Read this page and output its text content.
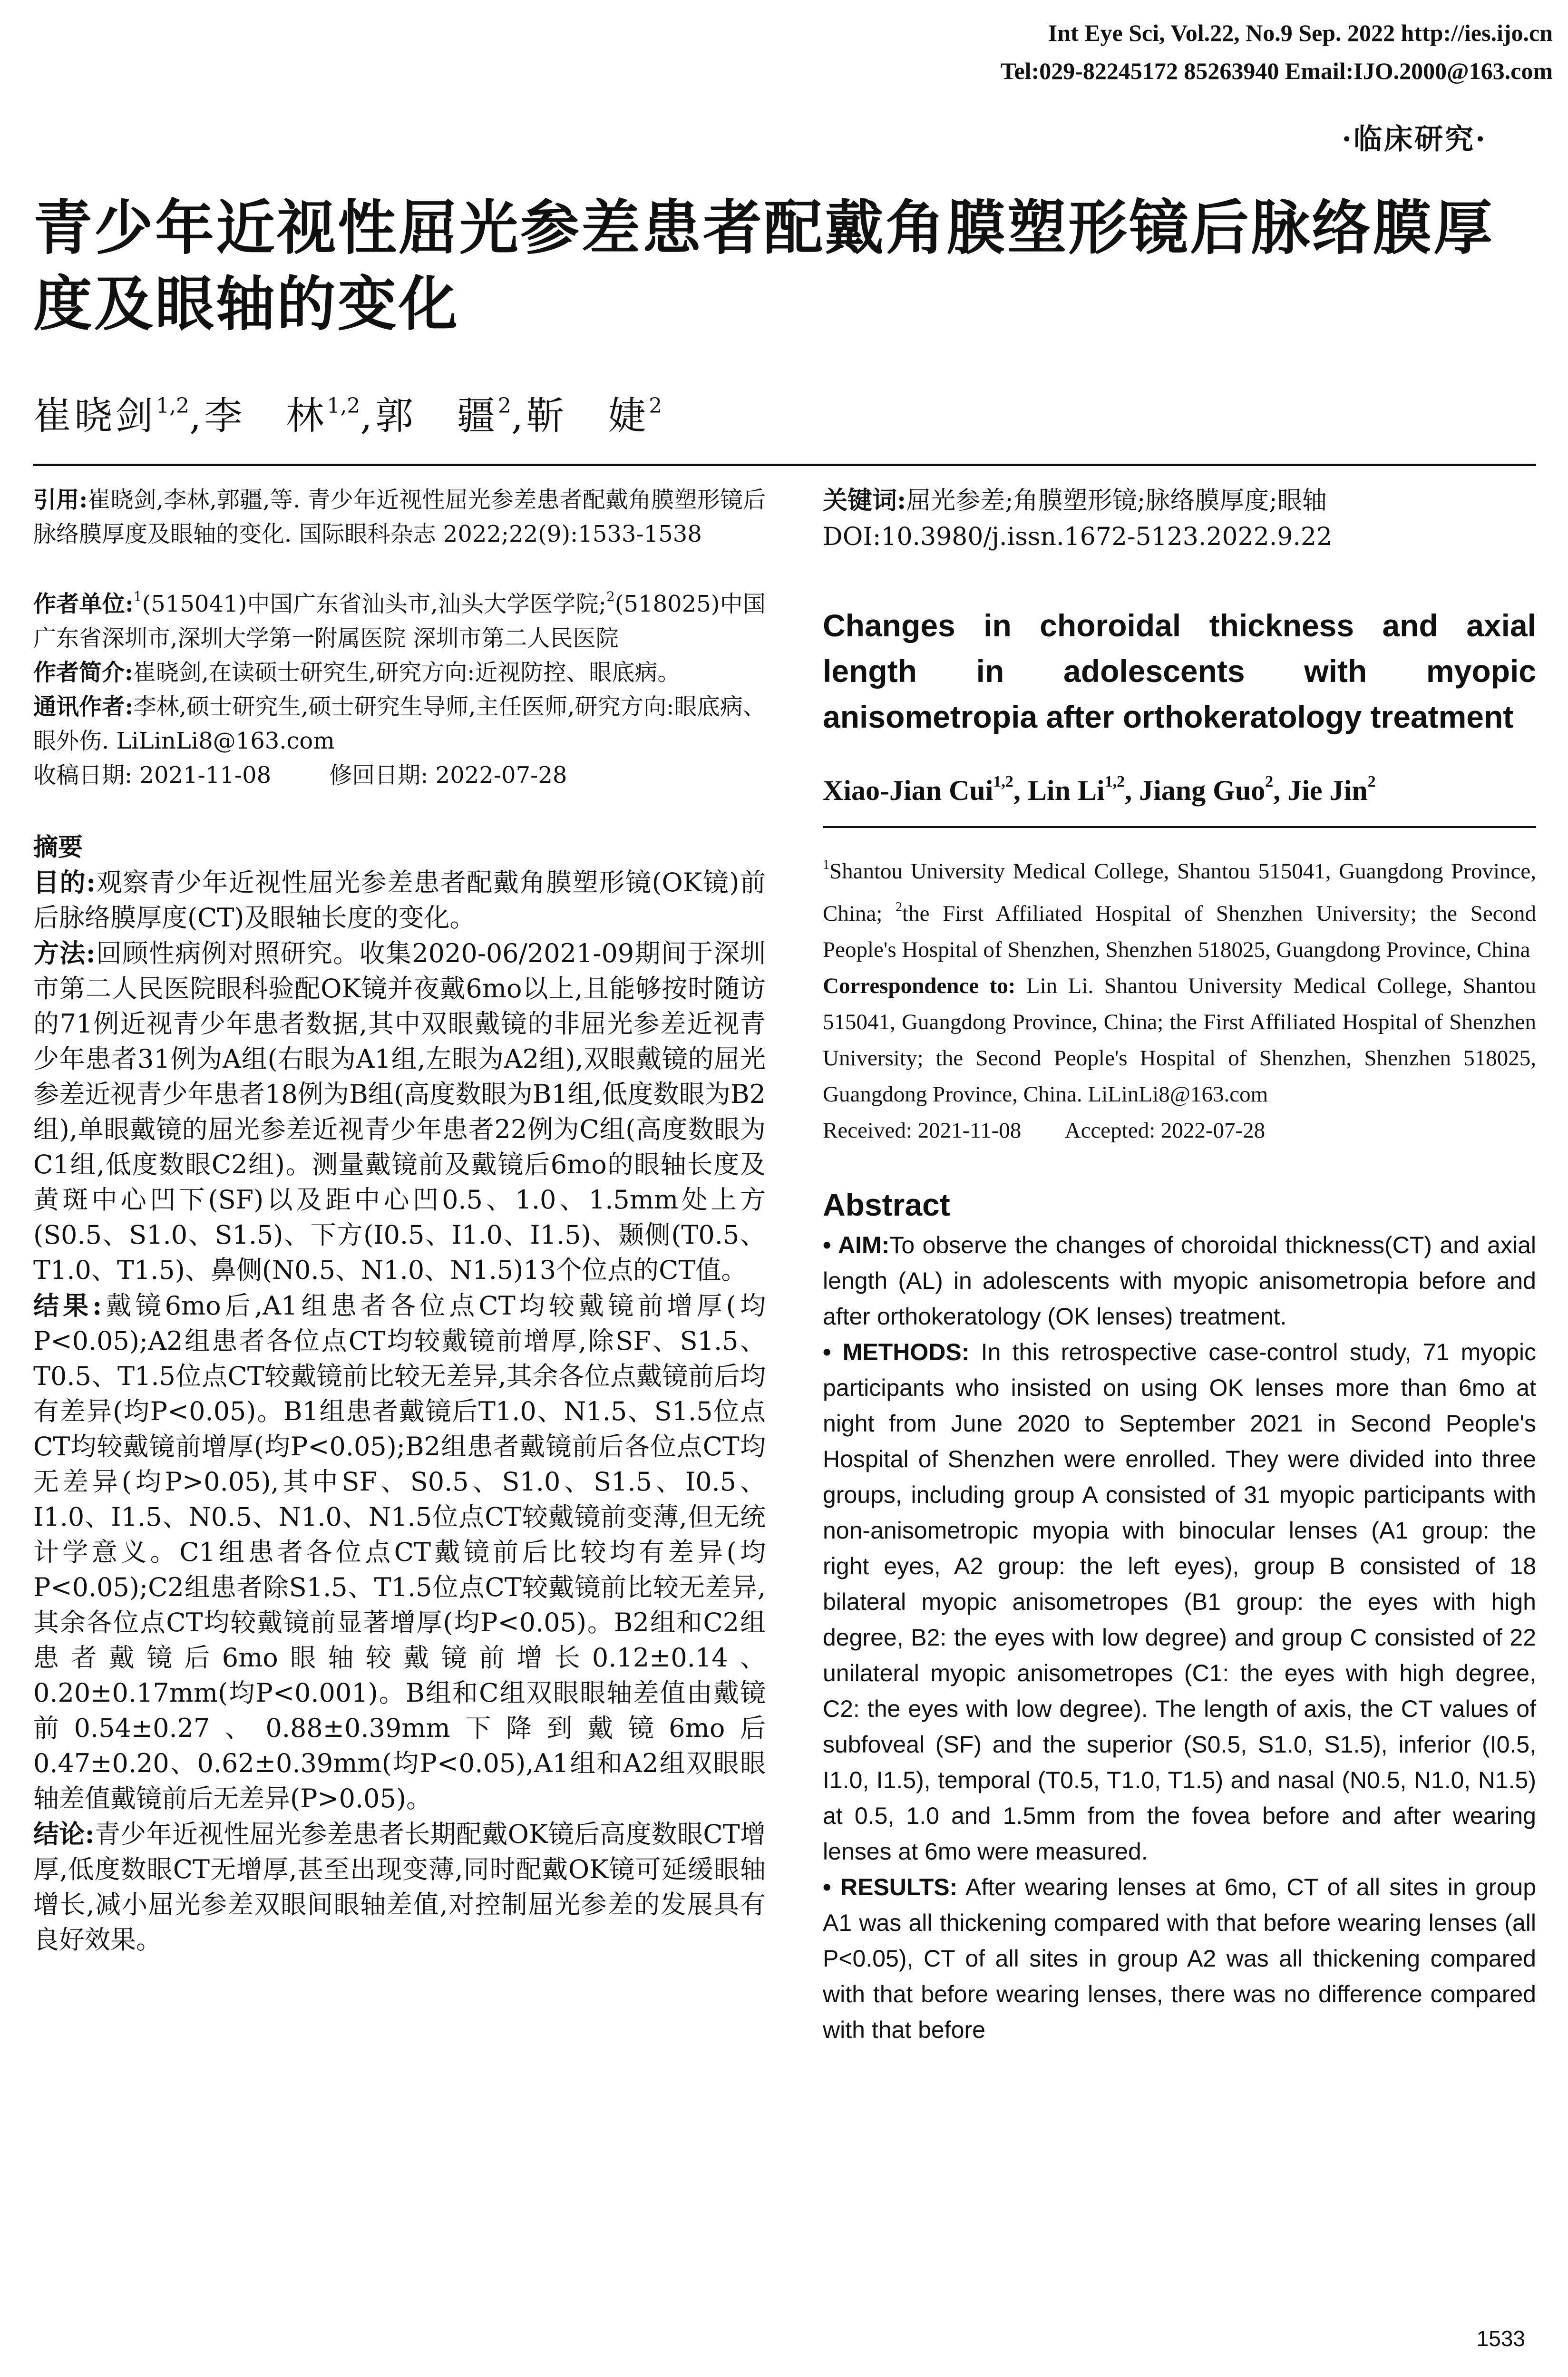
Int Eye Sci, Vol.22, No.9 Sep. 2022 http://ies.ijo.cn
Tel:029-82245172 85263940 Email:IJO.2000@163.com
·临床研究·
青少年近视性屈光参差患者配戴角膜塑形镜后脉络膜厚度及眼轴的变化
崔晓剑$^{1,2}$,李　林$^{1,2}$,郭　疆$^2$,靳　婕$^2$

引用:崔晓剑,李林,郭疆,等. 青少年近视性屈光参差患者配戴角膜塑形镜后脉络膜厚度及眼轴的变化. 国际眼科杂志 2022;22(9):1533-1538

作者单位:$^1$(515041)中国广东省汕头市,汕头大学医学院;$^2$(518025)中国广东省深圳市,深圳大学第一附属医院 深圳市第二人民医院

作者简介:崔晓剑,在读硕士研究生,研究方向:近视防控、眼底病。

通讯作者:李林,硕士研究生,硕士研究生导师,主任医师,研究方向:眼底病、眼外伤. LiLinLi8@163.com

收稿日期: 2021-11-08        修回日期: 2022-07-28

摘要

目的:观察青少年近视性屈光参差患者配戴角膜塑形镜(OK镜)前后脉络膜厚度(CT)及眼轴长度的变化。

方法:回顾性病例对照研究。收集2020-06/2021-09期间于深圳市第二人民医院眼科验配OK镜并夜戴6mo以上,且能够按时随访的71例近视青少年患者数据,其中双眼戴镜的非屈光参差近视青少年患者31例为A组(右眼为A1组,左眼为A2组),双眼戴镜的屈光参差近视青少年患者18例为B组(高度数眼为B1组,低度数眼为B2组),单眼戴镜的屈光参差近视青少年患者22例为C组(高度数眼为C1组,低度数眼C2组)。测量戴镜前及戴镜后6mo的眼轴长度及黄斑中心凹下(SF)以及距中心凹0.5、1.0、1.5mm处上方(S0.5、S1.0、S1.5)、下方(I0.5、I1.0、I1.5)、颞侧(T0.5、T1.0、T1.5)、鼻侧(N0.5、N1.0、N1.5)13个位点的CT值。

结果:戴镜6mo后,A1组患者各位点CT均较戴镜前增厚(均P<0.05);A2组患者各位点CT均较戴镜前增厚,除SF、S1.5、T0.5、T1.5位点CT较戴镜前比较无差异,其余各位点戴镜前后均有差异(均P<0.05)。B1组患者戴镜后T1.0、N1.5、S1.5位点CT均较戴镜前增厚(均P<0.05);B2组患者戴镜前后各位点CT均无差异(均P>0.05),其中SF、S0.5、S1.0、S1.5、I0.5、I1.0、I1.5、N0.5、N1.0、N1.5位点CT较戴镜前变薄,但无统计学意义。C1组患者各位点CT戴镜前后比较均有差异(均P<0.05);C2组患者除S1.5、T1.5位点CT较戴镜前比较无差异,其余各位点CT均较戴镜前显著增厚(均P<0.05)。B2组和C2组患者戴镜后6mo眼轴较戴镜前增长0.12±0.14、0.20±0.17mm(均P<0.001)。B组和C组双眼眼轴差值由戴镜前0.54±0.27、0.88±0.39mm下降到戴镜6mo后0.47±0.20、0.62±0.39mm(均P<0.05),A1组和A2组双眼眼轴差值戴镜前后无差异(P>0.05)。

结论:青少年近视性屈光参差患者长期配戴OK镜后高度数眼CT增厚,低度数眼CT无增厚,甚至出现变薄,同时配戴OK镜可延缓眼轴增长,减小屈光参差双眼间眼轴差值,对控制屈光参差的发展具有良好效果。

关键词:屈光参差;角膜塑形镜;脉络膜厚度;眼轴

DOI:10.3980/j.issn.1672-5123.2022.9.22

Changes in choroidal thickness and axial length in adolescents with myopic anisometropia after orthokeratology treatment
Xiao-Jian Cui$^{1,2}$, Lin Li$^{1,2}$, Jiang Guo$^2$, Jie Jin$^2$
$^1$Shantou University Medical College, Shantou 515041, Guangdong Province, China; $^2$the First Affiliated Hospital of Shenzhen University; the Second People's Hospital of Shenzhen, Shenzhen 518025, Guangdong Province, China
Correspondence to: Lin Li. Shantou University Medical College, Shantou 515041, Guangdong Province, China; the First Affiliated Hospital of Shenzhen University; the Second People's Hospital of Shenzhen, Shenzhen 518025, Guangdong Province, China. LiLinLi8@163.com
Received: 2021-11-08        Accepted: 2022-07-28
Abstract

• AIM:To observe the changes of choroidal thickness(CT) and axial length (AL) in adolescents with myopic anisometropia before and after orthokeratology (OK lenses) treatment.

• METHODS: In this retrospective case-control study, 71 myopic participants who insisted on using OK lenses more than 6mo at night from June 2020 to September 2021 in Second People's Hospital of Shenzhen were enrolled. They were divided into three groups, including group A consisted of 31 myopic participants with non-anisometropic myopia with binocular lenses (A1 group: the right eyes, A2 group: the left eyes), group B consisted of 18 bilateral myopic anisometropes (B1 group: the eyes with high degree, B2: the eyes with low degree) and group C consisted of 22 unilateral myopic anisometropes (C1: the eyes with high degree, C2: the eyes with low degree). The length of axis, the CT values of subfoveal (SF) and the superior (S0.5, S1.0, S1.5), inferior (I0.5, I1.0, I1.5), temporal (T0.5, T1.0, T1.5) and nasal (N0.5, N1.0, N1.5) at 0.5, 1.0 and 1.5mm from the fovea before and after wearing lenses at 6mo were measured.

• RESULTS: After wearing lenses at 6mo, CT of all sites in group A1 was all thickening compared with that before wearing lenses (all P<0.05), CT of all sites in group A2 was all thickening compared with that before wearing lenses, there was no difference compared with that before

1533
